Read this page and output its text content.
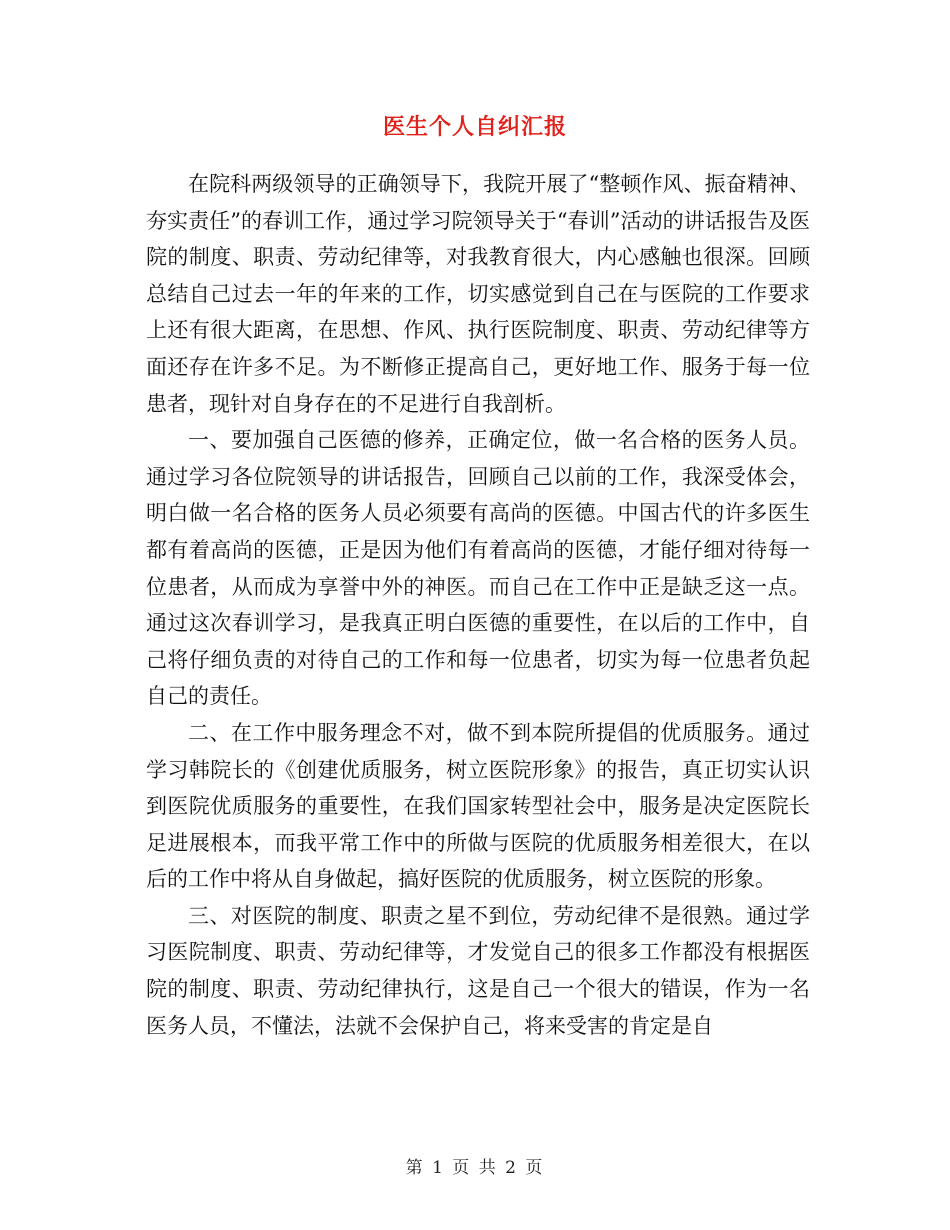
医生个人自纠汇报

在院科两级领导的正确领导下，我院开展了“整顿作风、振奋精神、夯实责任”的春训工作，通过学习院领导关于“春训”活动的讲话报告及医院的制度、职责、劳动纪律等，对我教育很大，内心感触也很深。回顾总结自己过去一年的年来的工作，切实感觉到自己在与医院的工作要求上还有很大距离，在思想、作风、执行医院制度、职责、劳动纪律等方面还存在许多不足。为不断修正提高自己，更好地工作、服务于每一位患者，现针对自身存在的不足进行自我剖析。

一、要加强自己医德的修养，正确定位，做一名合格的医务人员。通过学习各位院领导的讲话报告，回顾自己以前的工作，我深受体会，明白做一名合格的医务人员必须要有高尚的医德。中国古代的许多医生都有着高尚的医德，正是因为他们有着高尚的医德，才能仔细对待每一位患者，从而成为享誉中外的神医。而自己在工作中正是缺乏这一点。通过这次春训学习，是我真正明白医德的重要性，在以后的工作中，自己将仔细负责的对待自己的工作和每一位患者，切实为每一位患者负起自己的责任。

二、在工作中服务理念不对，做不到本院所提倡的优质服务。通过学习韩院长的《创建优质服务，树立医院形象》的报告，真正切实认识到医院优质服务的重要性，在我们国家转型社会中，服务是决定医院长足进展根本，而我平常工作中的所做与医院的优质服务相差很大，在以后的工作中将从自身做起，搞好医院的优质服务，树立医院的形象。

三、对医院的制度、职责之星不到位，劳动纪律不是很熟。通过学习医院制度、职责、劳动纪律等，才发觉自己的很多工作都没有根据医院的制度、职责、劳动纪律执行，这是自己一个很大的错误，作为一名医务人员，不懂法，法就不会保护自己，将来受害的肯定是自

第 1 页 共 2 页
